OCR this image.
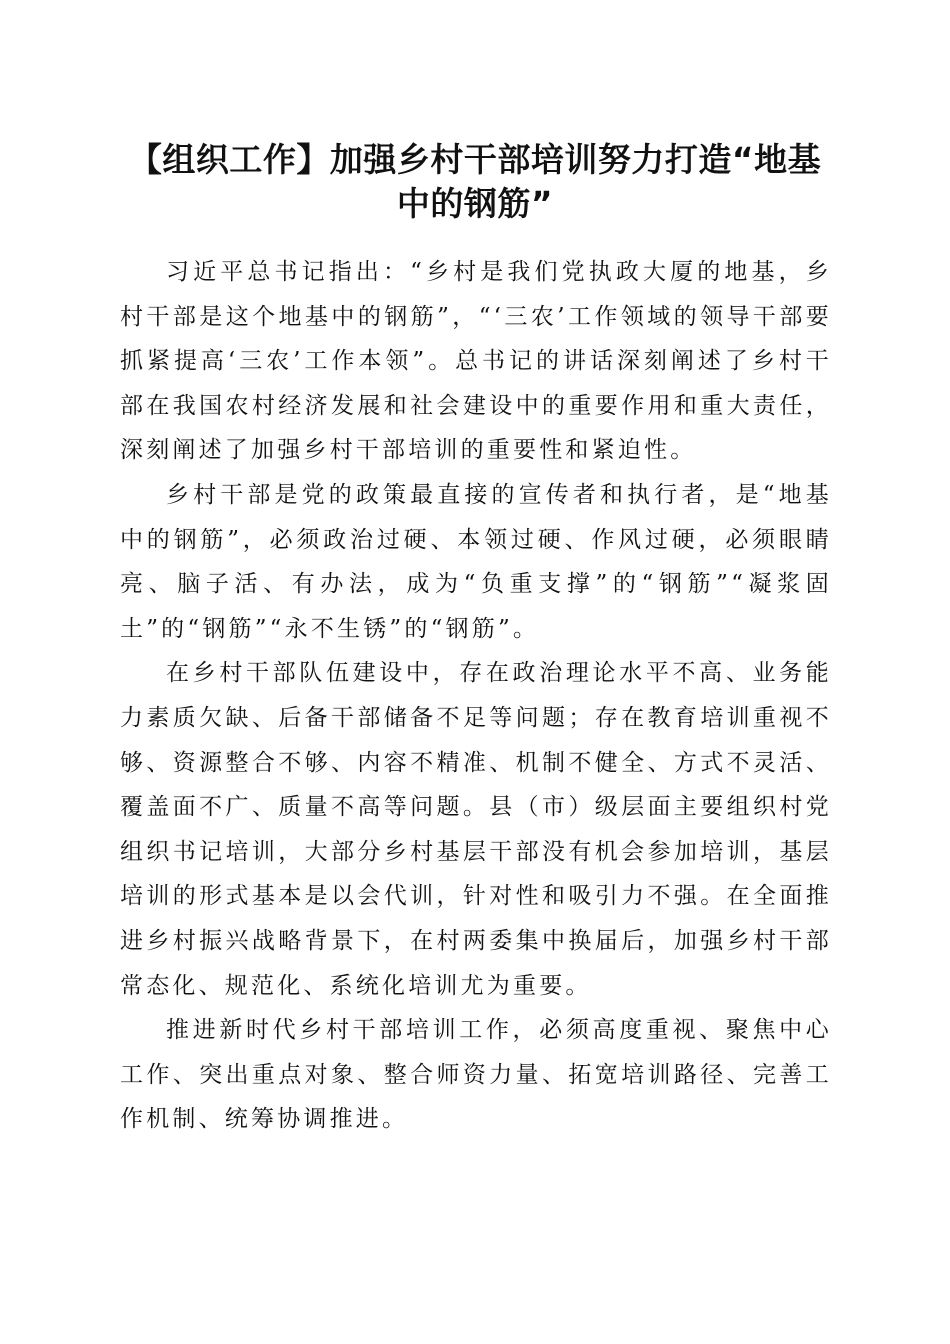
【组织工作】加强乡村干部培训努力打造“地基中的钢筋”

习近平总书记指出：“乡村是我们党执政大厦的地基，乡村干部是这个地基中的钢筋”，“‘三农’工作领域的领导干部要抓紧提高‘三农’工作本领”。总书记的讲话深刻阐述了乡村干部在我国农村经济发展和社会建设中的重要作用和重大责任，深刻阐述了加强乡村干部培训的重要性和紧迫性。

乡村干部是党的政策最直接的宣传者和执行者，是“地基中的钢筋”，必须政治过硬、本领过硬、作风过硬，必须眼睛亮、脑子活、有办法，成为“负重支撑”的“钢筋”“凝浆固土”的“钢筋”“永不生锈”的“钢筋”。

在乡村干部队伍建设中，存在政治理论水平不高、业务能力素质欠缺、后备干部储备不足等问题；存在教育培训重视不够、资源整合不够、内容不精准、机制不健全、方式不灵活、覆盖面不广、质量不高等问题。县（市）级层面主要组织村党组织书记培训，大部分乡村基层干部没有机会参加培训，基层培训的形式基本是以会代训，针对性和吸引力不强。在全面推进乡村振兴战略背景下，在村两委集中换届后，加强乡村干部常态化、规范化、系统化培训尤为重要。

推进新时代乡村干部培训工作，必须高度重视、聚焦中心工作、突出重点对象、整合师资力量、拓宽培训路径、完善工作机制、统筹协调推进。
